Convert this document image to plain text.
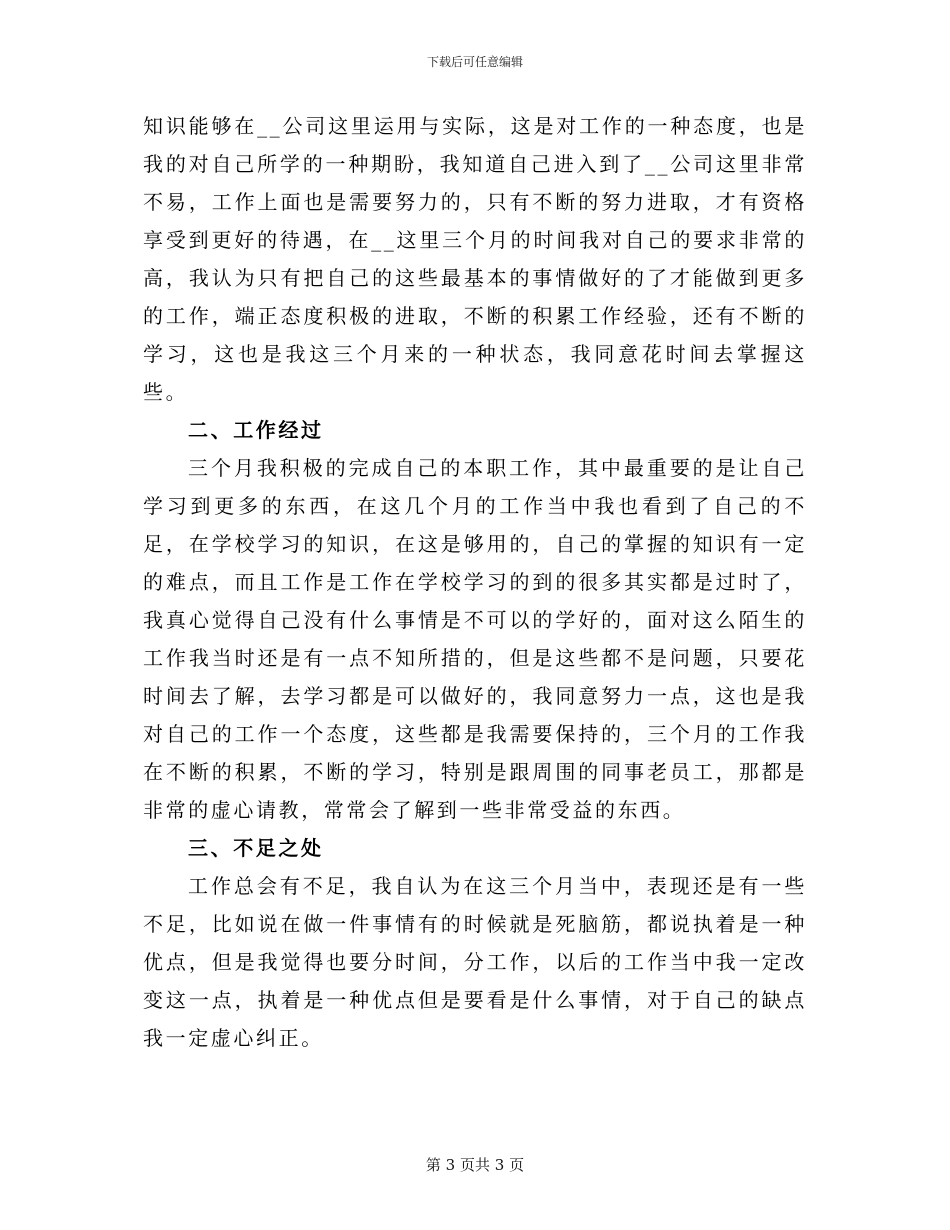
下载后可任意编辑

知识能够在__公司这里运用与实际，这是对工作的一种态度，也是我的对自己所学的一种期盼，我知道自己进入到了__公司这里非常不易，工作上面也是需要努力的，只有不断的努力进取，才有资格享受到更好的待遇，在__这里三个月的时间我对自己的要求非常的高，我认为只有把自己的这些最基本的事情做好的了才能做到更多的工作，端正态度积极的进取，不断的积累工作经验，还有不断的学习，这也是我这三个月来的一种状态，我同意花时间去掌握这些。

二、工作经过

三个月我积极的完成自己的本职工作，其中最重要的是让自己学习到更多的东西，在这几个月的工作当中我也看到了自己的不足，在学校学习的知识，在这是够用的，自己的掌握的知识有一定的难点，而且工作是工作在学校学习的到的很多其实都是过时了，我真心觉得自己没有什么事情是不可以的学好的，面对这么陌生的工作我当时还是有一点不知所措的，但是这些都不是问题，只要花时间去了解，去学习都是可以做好的，我同意努力一点，这也是我对自己的工作一个态度，这些都是我需要保持的，三个月的工作我在不断的积累，不断的学习，特别是跟周围的同事老员工，那都是非常的虚心请教，常常会了解到一些非常受益的东西。

三、不足之处

工作总会有不足，我自认为在这三个月当中，表现还是有一些不足，比如说在做一件事情有的时候就是死脑筋，都说执着是一种优点，但是我觉得也要分时间，分工作，以后的工作当中我一定改变这一点，执着是一种优点但是要看是什么事情，对于自己的缺点我一定虚心纠正。

第 3 页共 3 页
